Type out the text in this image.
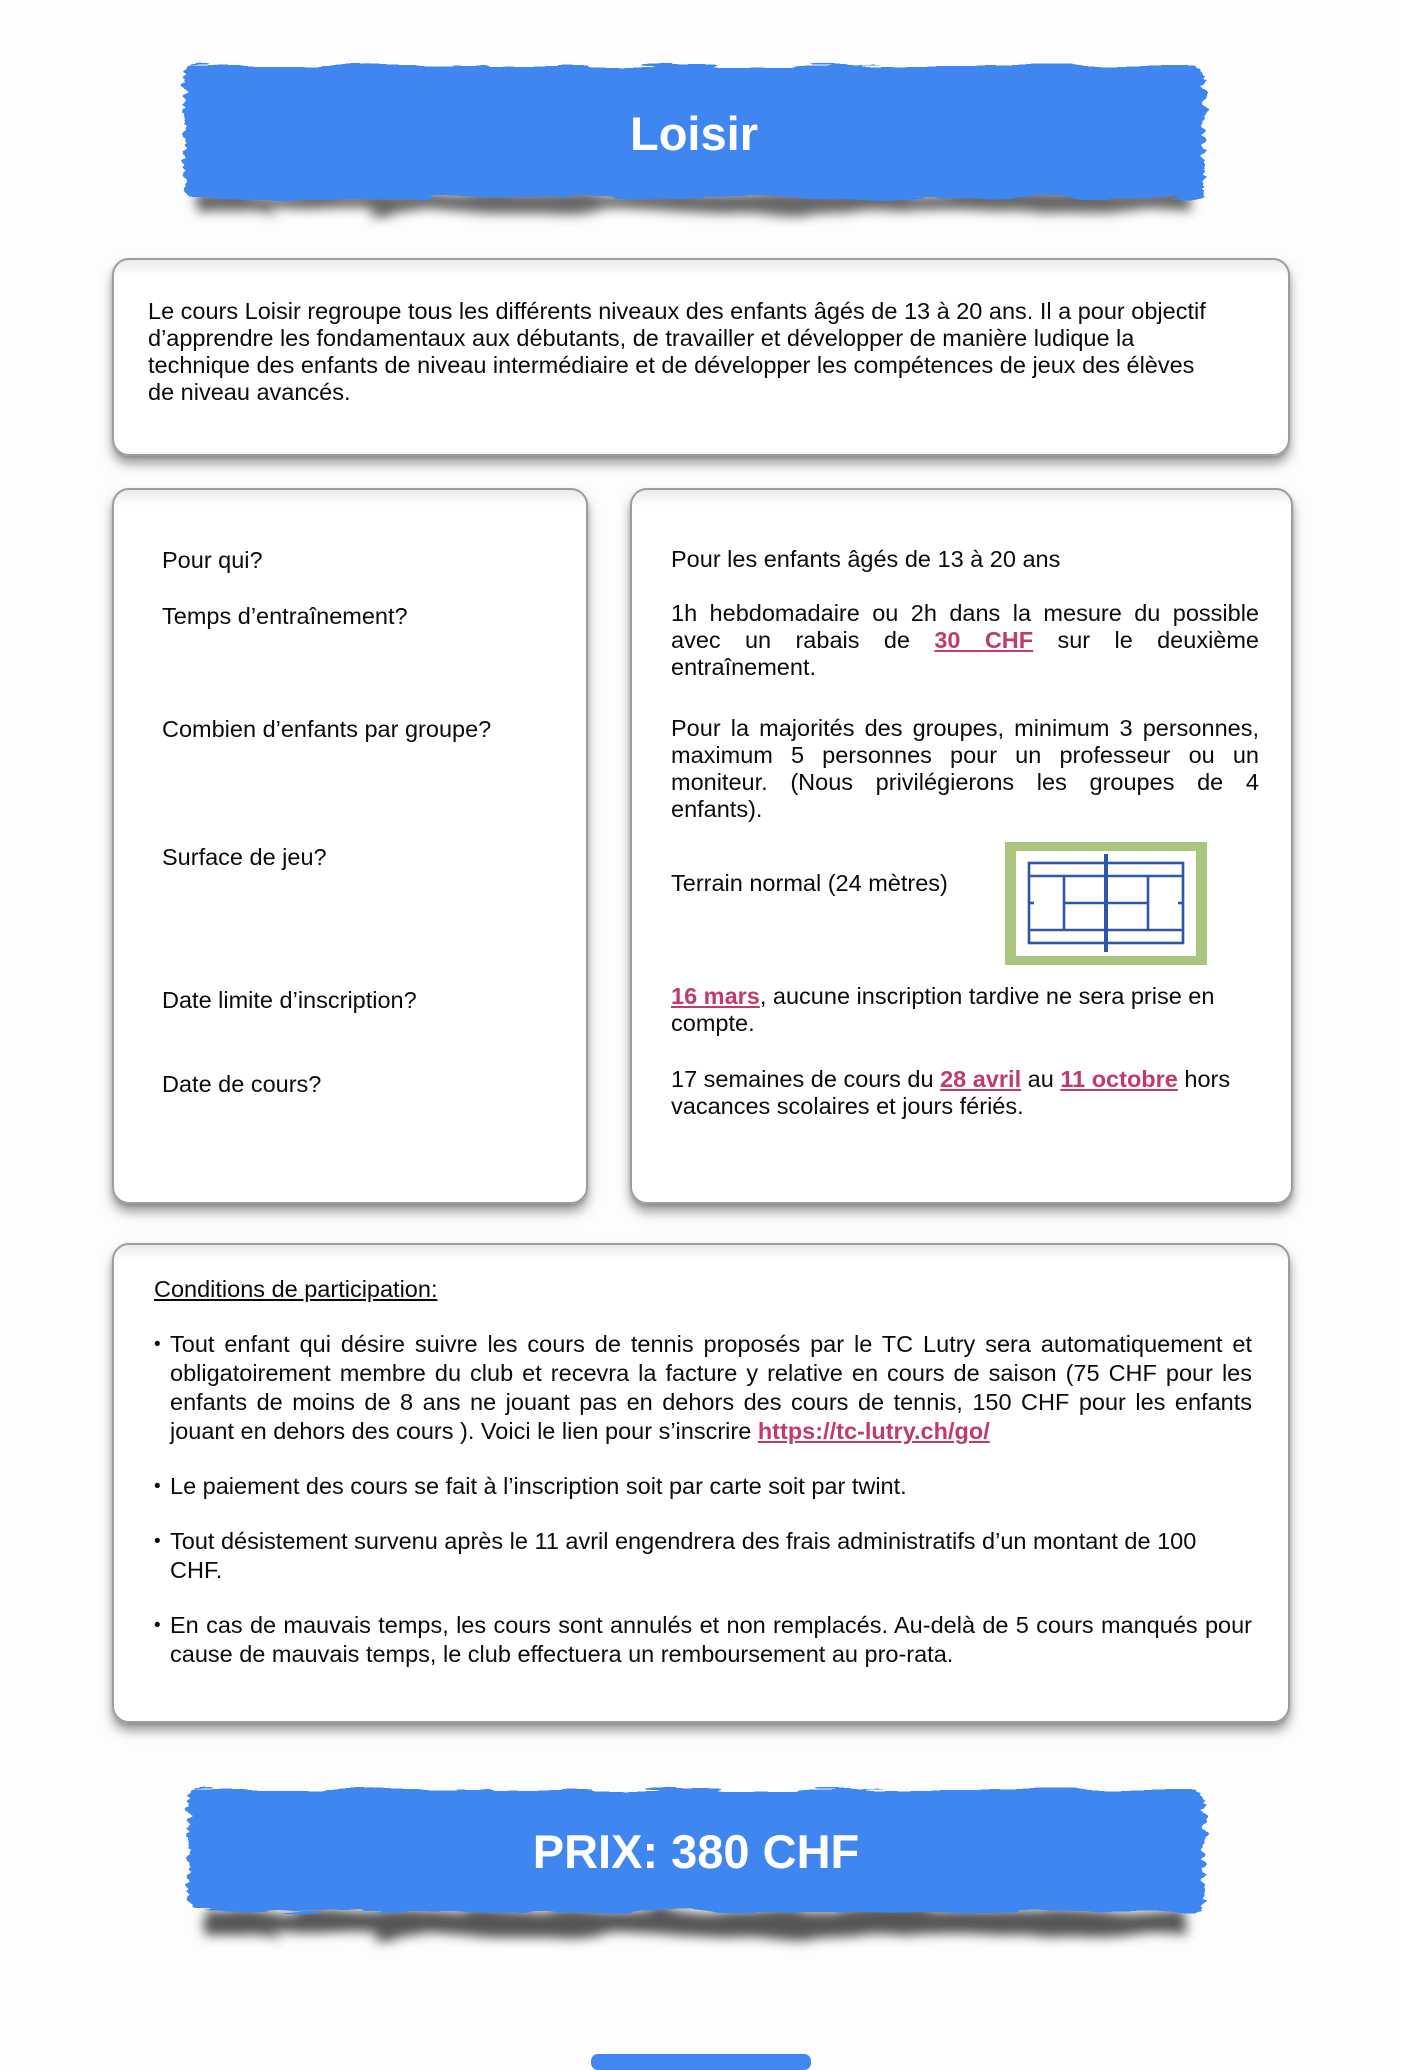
Loisir

Le cours Loisir regroupe tous les différents niveaux des enfants âgés de 13 à 20 ans. Il a pour objectif d’apprendre les fondamentaux aux débutants, de travailler et développer de manière ludique la technique des enfants de niveau intermédiaire et de développer les compétences de jeux des élèves de niveau avancés.

Pour qui?
Temps d’entraînement?
Combien d’enfants par groupe?
Surface de jeu?
Date limite d’inscription?
Date de cours?
Pour les enfants âgés de 13 à 20 ans
1h hebdomadaire ou 2h dans la mesure du possible avec un rabais de 30 CHF sur le deuxième entraînement.
Pour la majorités des groupes, minimum 3 personnes, maximum 5 personnes pour un professeur ou un moniteur. (Nous privilégierons les groupes de 4 enfants).
Terrain normal (24 mètres)
16 mars, aucune inscription tardive ne sera prise en compte.
17 semaines de cours du 28 avril au 11 octobre hors vacances scolaires et jours fériés.

Conditions de participation:

• Tout enfant qui désire suivre les cours de tennis proposés par le TC Lutry sera automatiquement et obligatoirement membre du club et recevra la facture y relative en cours de saison (75 CHF pour les enfants de moins de 8 ans ne jouant pas en dehors des cours de tennis, 150 CHF pour les enfants jouant en dehors des cours ). Voici le lien pour s’inscrire https://tc-lutry.ch/go/
• Le paiement des cours se fait à l’inscription soit par carte soit par twint.
• Tout désistement survenu après le 11 avril engendrera des frais administratifs d’un montant de 100 CHF.
• En cas de mauvais temps, les cours sont annulés et non remplacés. Au-delà de 5 cours manqués pour cause de mauvais temps, le club effectuera un remboursement au pro-rata.
PRIX: 380 CHF
